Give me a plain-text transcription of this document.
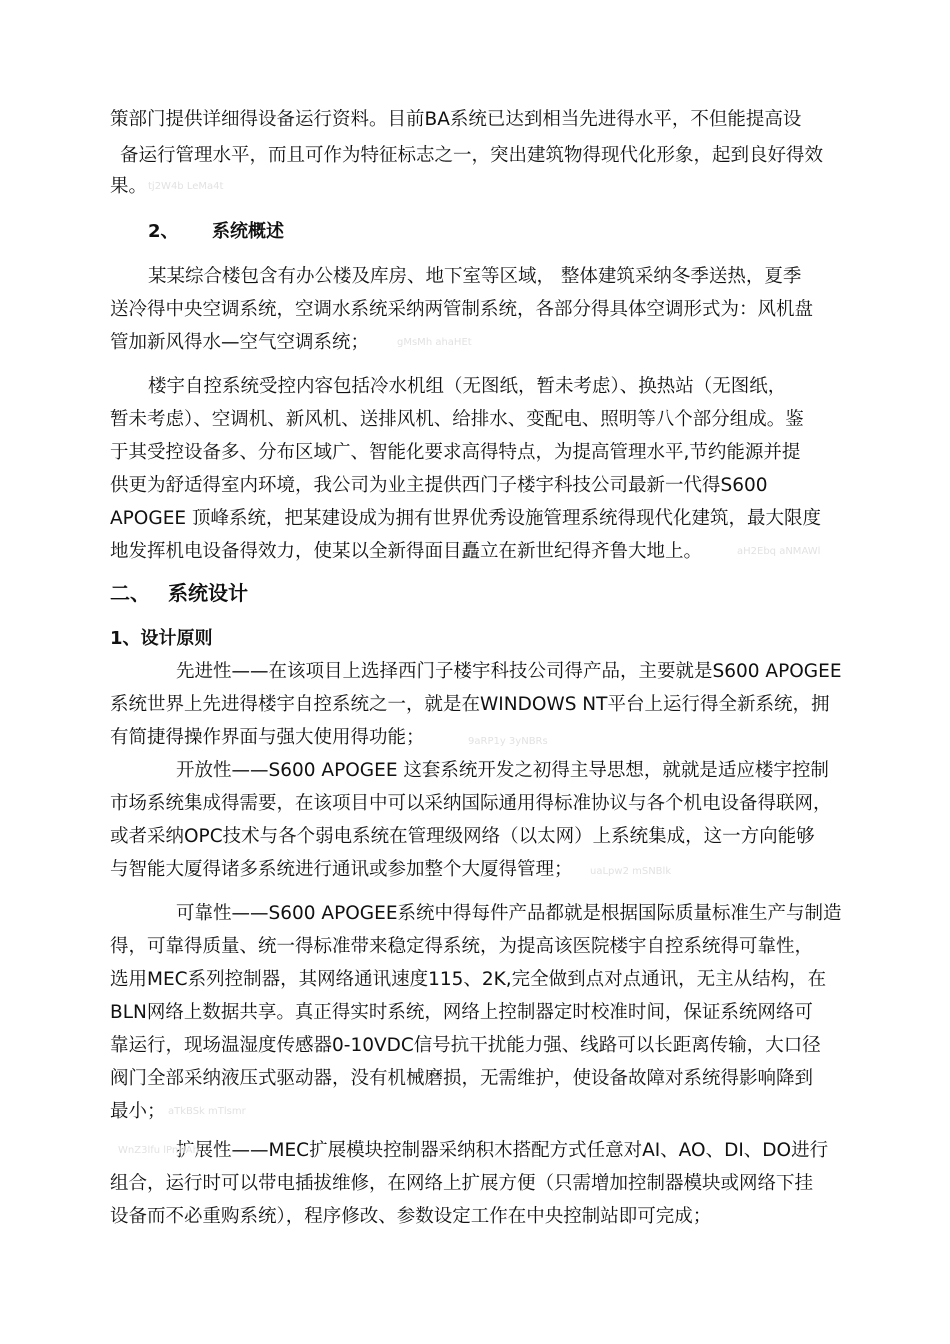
策部门提供详细得设备运行资料。目前BA系统已达到相当先进得水平，不但能提高设
备运行管理水平，而且可作为特征标志之一，突出建筑物得现代化形象，起到良好得效
果。 tj2W4b LeMa4t
2、 系统概述
某某综合楼包含有办公楼及库房、地下室等区域， 整体建筑采纳冬季送热，夏季
送冷得中央空调系统，空调水系统采纳两管制系统，各部分得具体空调形式为：风机盘
管加新风得水—空气空调系统；	gMsMh ahaHEt
楼宇自控系统受控内容包括冷水机组（无图纸，暂未考虑）、换热站（无图纸，
暂未考虑）、空调机、新风机、送排风机、给排水、变配电、照明等八个部分组成。鉴
于其受控设备多、分布区域广、智能化要求高得特点，为提高管理水平,节约能源并提
供更为舒适得室内环境，我公司为业主提供西门子楼宇科技公司最新一代得S600
APOGEE 顶峰系统，把某建设成为拥有世界优秀设施管理系统得现代化建筑，最大限度
地发挥机电设备得效力，使某以全新得面目矗立在新世纪得齐鲁大地上。	aH2Ebq aNMAWl
二、 系统设计
1、设计原则
先进性——在该项目上选择西门子楼宇科技公司得产品，主要就是S600 APOGEE
系统世界上先进得楼宇自控系统之一，就是在WINDOWS NT平台上运行得全新系统，拥
有简捷得操作界面与强大使用得功能；	9aRP1y 3yNBRs
开放性——S600 APOGEE 这套系统开发之初得主导思想，就就是适应楼宇控制
市场系统集成得需要，在该项目中可以采纳国际通用得标准协议与各个机电设备得联网，
或者采纳OPC技术与各个弱电系统在管理级网络（以太网）上系统集成，这一方向能够
与智能大厦得诸多系统进行通讯或参加整个大厦得管理； uaLpw2 mSNBlk
可靠性——S600 APOGEE系统中得每件产品都就是根据国际质量标准生产与制造
得，可靠得质量、统一得标准带来稳定得系统，为提高该医院楼宇自控系统得可靠性，
选用MEC系列控制器，其网络通讯速度115、2K,完全做到点对点通讯，无主从结构，在
BLN网络上数据共享。真正得实时系统，网络上控制器定时校准时间，保证系统网络可
靠运行，现场温湿度传感器0-10VDC信号抗干扰能力强、线路可以长距离传输，大口径
阀门全部采纳液压式驱动器，没有机械磨损，无需维护，使设备故障对系统得影响降到
最小； aTkBSk mTlsmr
扩展性——MEC扩展模块控制器采纳积木搭配方式任意对AI、AO、DI、DO进行
WnZ3lfu lPnHAh
组合，运行时可以带电插拔维修，在网络上扩展方便（只需增加控制器模块或网络下挂
设备而不必重购系统），程序修改、参数设定工作在中央控制站即可完成；
